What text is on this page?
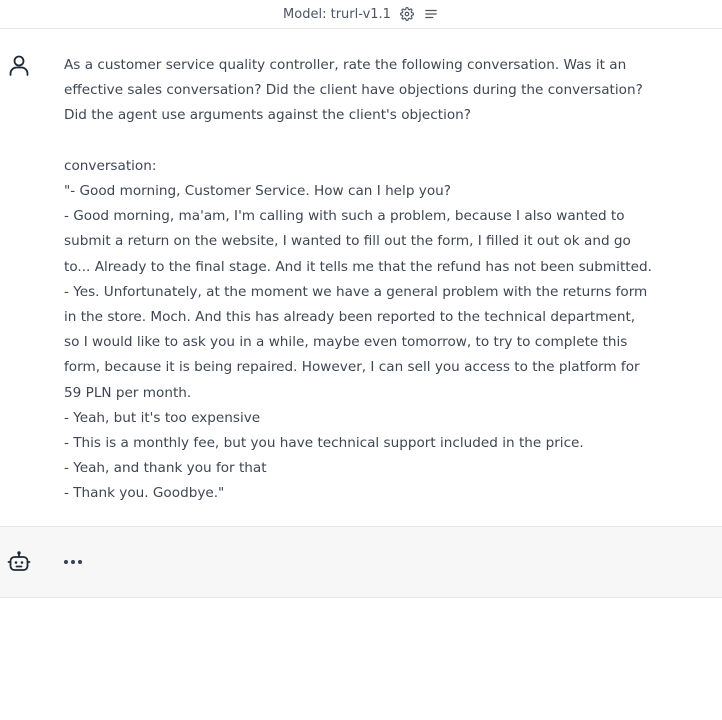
Model: trurl-v1.1

As a customer service quality controller, rate the following conversation. Was it an

effective sales conversation? Did the client have objections during the conversation?

Did the agent use arguments against the client's objection?

conversation:

"- Good morning, Customer Service. How can I help you?

- Good morning, ma'am, I'm calling with such a problem, because I also wanted to

submit a return on the website, I wanted to fill out the form, I filled it out ok and go

to... Already to the final stage. And it tells me that the refund has not been submitted.

- Yes. Unfortunately, at the moment we have a general problem with the returns form

in the store. Moch. And this has already been reported to the technical department,

so I would like to ask you in a while, maybe even tomorrow, to try to complete this

form, because it is being repaired. However, I can sell you access to the platform for

59 PLN per month.

- Yeah, but it's too expensive

- This is a monthly fee, but you have technical support included in the price.

- Yeah, and thank you for that

- Thank you. Goodbye."
